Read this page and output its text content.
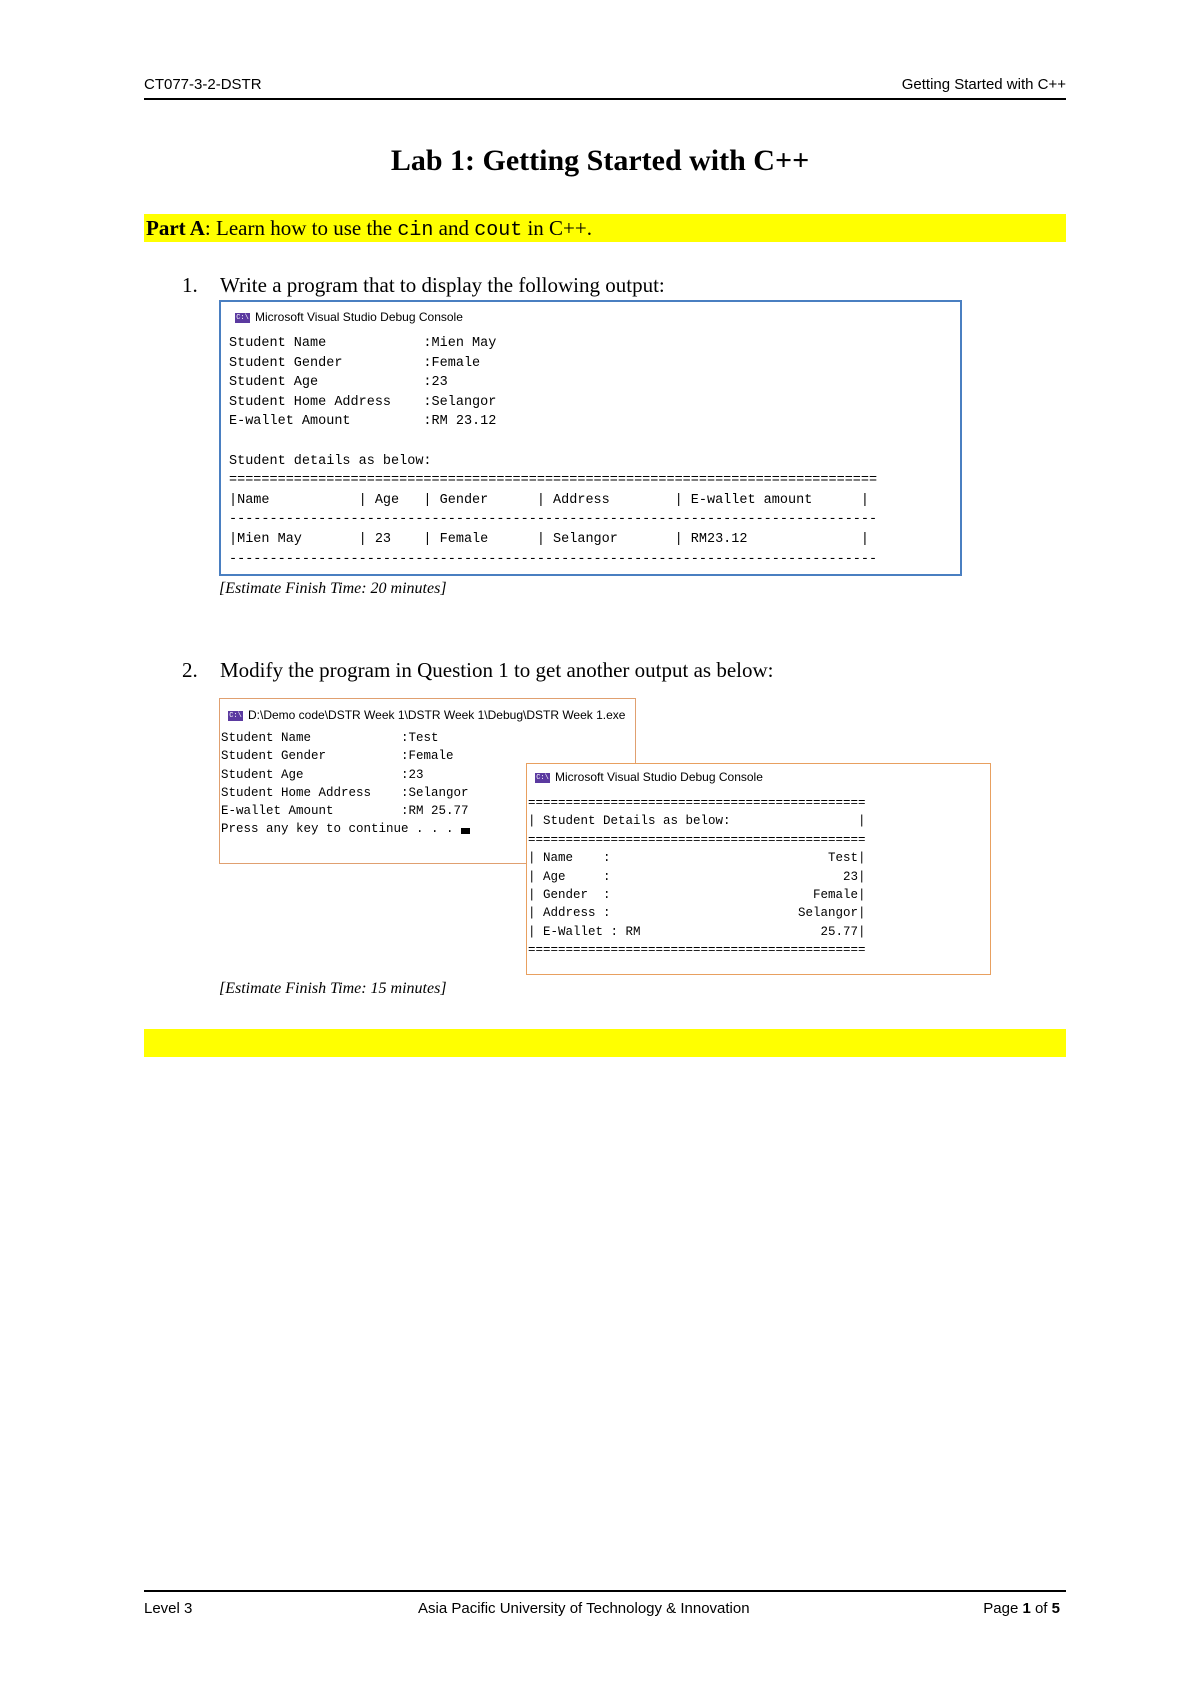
CT077-3-2-DSTR	Getting Started with C++
Lab 1: Getting Started with C++
Part A: Learn how to use the cin and cout in C++.
1. Write a program that to display the following output:
C:\ Microsoft Visual Studio Debug Console
Student Name            :Mien May
Student Gender          :Female
Student Age             :23
Student Home Address    :Selangor
E-wallet Amount         :RM 23.12

Student details as below:
================================================================================
|Name           | Age   | Gender      | Address        | E-wallet amount      |
--------------------------------------------------------------------------------
|Mien May       | 23    | Female      | Selangor       | RM23.12              |
--------------------------------------------------------------------------------
[Estimate Finish Time: 20 minutes]
2. Modify the program in Question 1 to get another output as below:
C:\ D:\Demo code\DSTR Week 1\DSTR Week 1\Debug\DSTR Week 1.exe
Student Name            :Test
Student Gender          :Female
Student Age             :23
Student Home Address    :Selangor
E-wallet Amount         :RM 25.77
Press any key to continue . . .
C:\ Microsoft Visual Studio Debug Console
=============================================
| Student Details as below:                 |
=============================================
| Name    :                             Test|
| Age     :                               23|
| Gender  :                           Female|
| Address :                         Selangor|
| E-Wallet : RM                        25.77|
=============================================
[Estimate Finish Time: 15 minutes]
Level 3	Asia Pacific University of Technology & Innovation	Page 1 of 5
